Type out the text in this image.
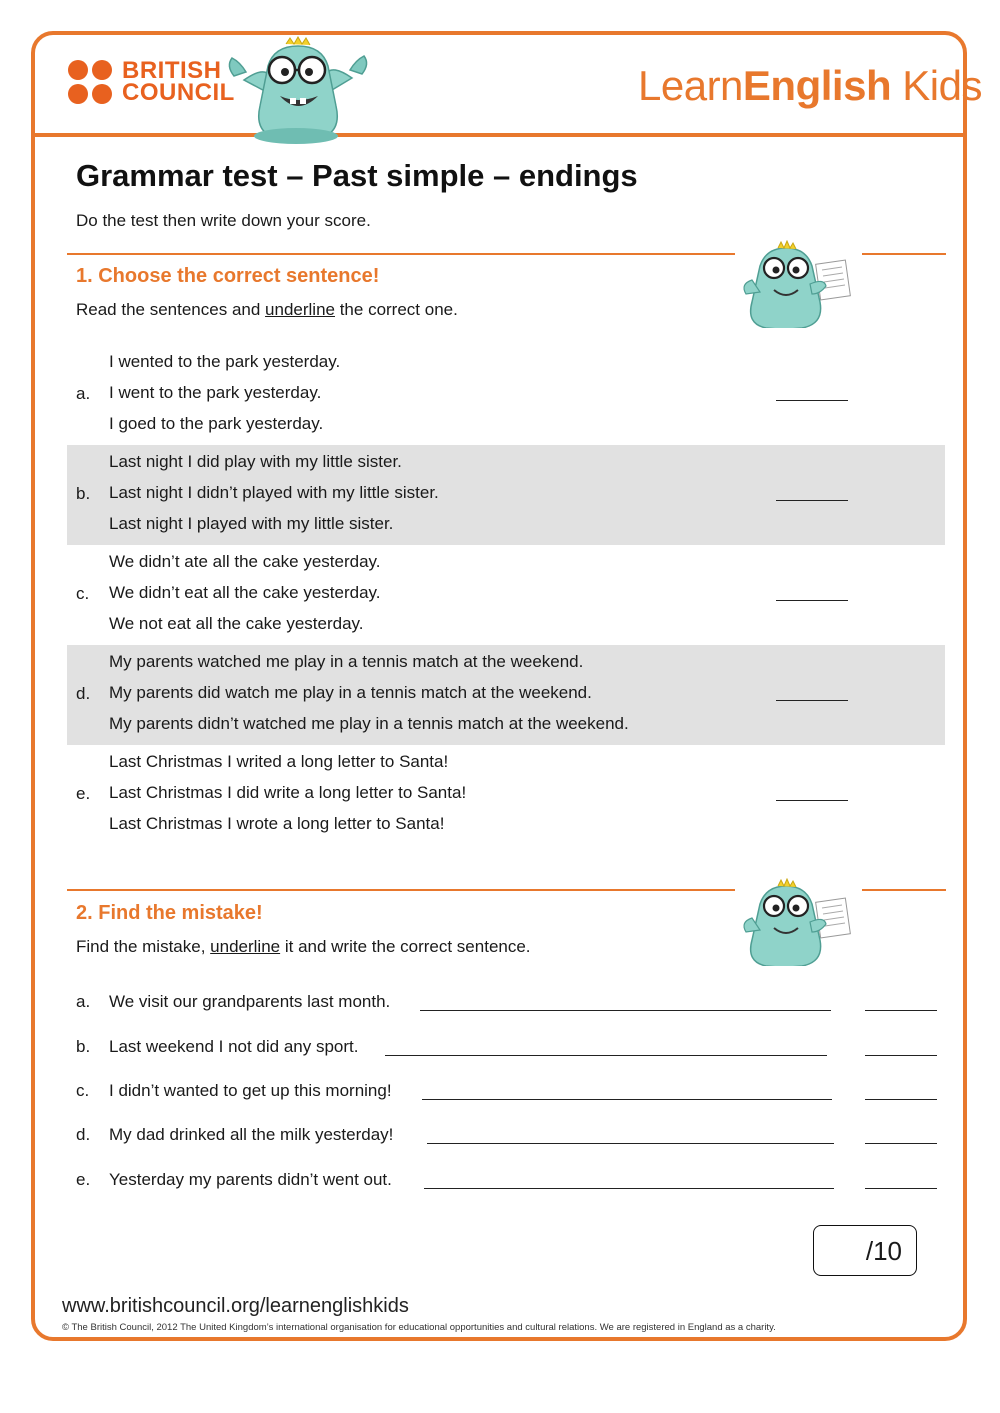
BRITISH
COUNCIL	LearnEnglish Kids
Grammar test – Past simple – endings
Do the test then write down your score.
1. Choose the correct sentence!
Read the sentences and underline the correct one.
a.
I wented to the park yesterday.
I went to the park yesterday.
I goed to the park yesterday.
b.
Last night I did play with my little sister.
Last night I didn’t played with my little sister.
Last night I played with my little sister.
c.
We didn’t ate all the cake yesterday.
We didn’t eat all the cake yesterday.
We not eat all the cake yesterday.
d.
My parents watched me play in a tennis match at the weekend.
My parents did watch me play in a tennis match at the weekend.
My parents didn’t watched me play in a tennis match at the weekend.
e.
Last Christmas I writed a long letter to Santa!
Last Christmas I did write a long letter to Santa!
Last Christmas I wrote a long letter to Santa!
2. Find the mistake!
Find the mistake, underline it and write the correct sentence.
a. We visit our grandparents last month.
b. Last weekend I not did any sport.
c. I didn’t wanted to get up this morning!
d. My dad drinked all the milk yesterday!
e. Yesterday my parents didn’t went out.
/10
www.britishcouncil.org/learnenglishkids
© The British Council, 2012 The United Kingdom’s international organisation for educational opportunities and cultural relations. We are registered in England as a charity.
